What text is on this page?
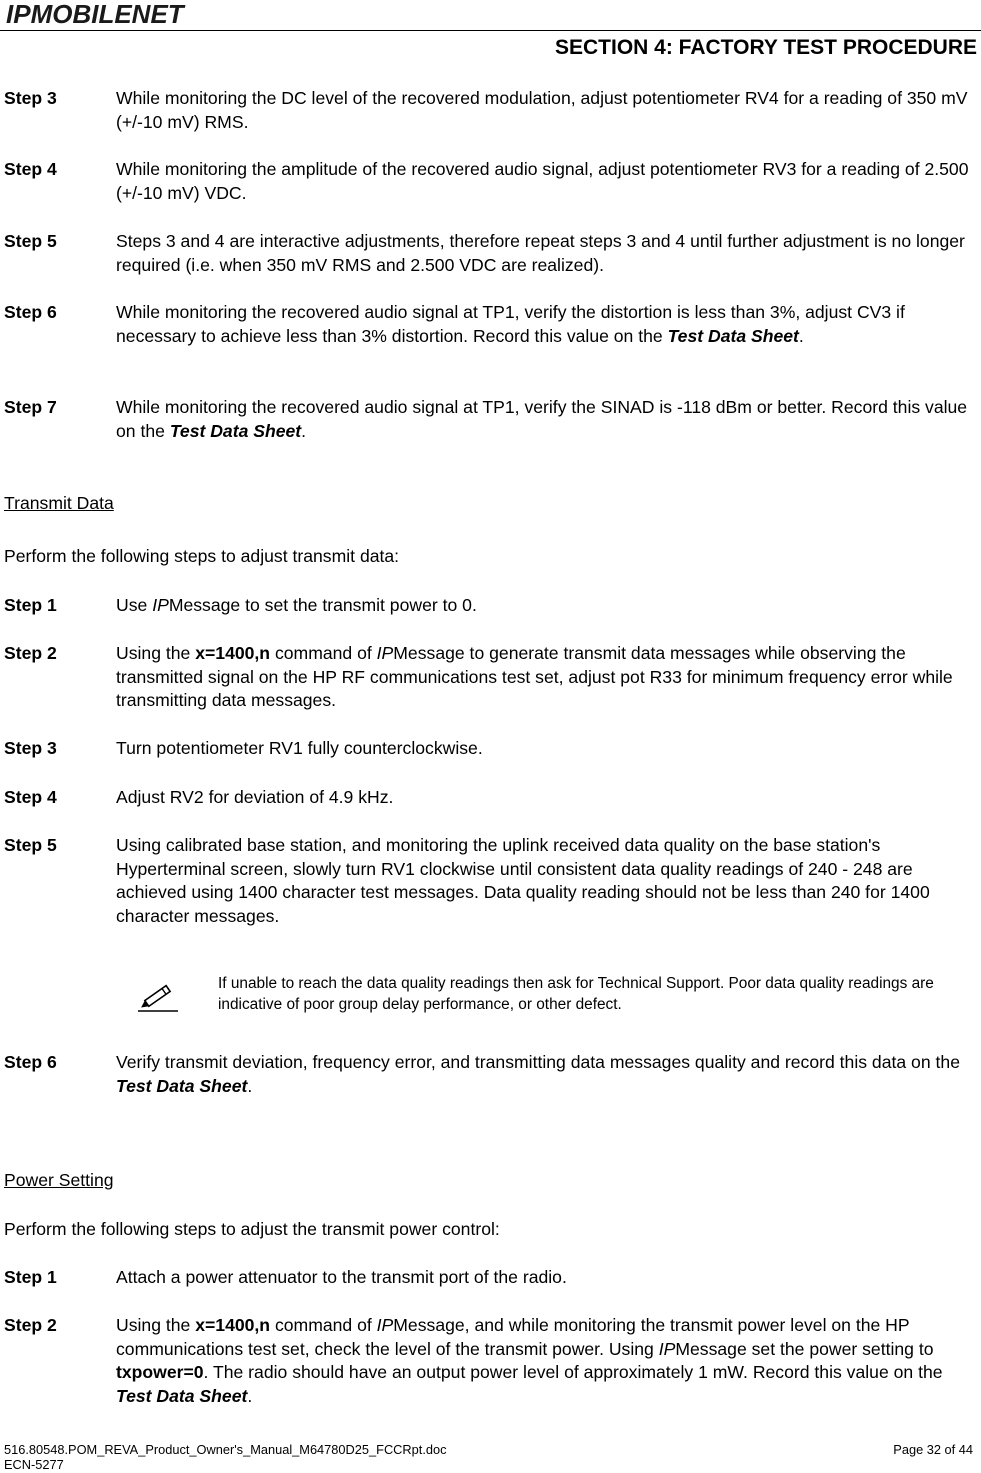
IPMOBILENET
SECTION 4: FACTORY TEST PROCEDURE
Step 3	While monitoring the DC level of the recovered modulation, adjust potentiometer RV4 for a reading of 350 mV (+/-10 mV) RMS.
Step 4	While monitoring the amplitude of the recovered audio signal, adjust potentiometer RV3 for a reading of 2.500 (+/-10 mV) VDC.
Step 5	Steps 3 and 4 are interactive adjustments, therefore repeat steps 3 and 4 until further adjustment is no longer required (i.e. when 350 mV RMS and 2.500 VDC are realized).
Step 6	While monitoring the recovered audio signal at TP1, verify the distortion is less than 3%, adjust CV3 if necessary to achieve less than 3% distortion. Record this value on the Test Data Sheet.
Step 7	While monitoring the recovered audio signal at TP1, verify the SINAD is -118 dBm or better. Record this value on the Test Data Sheet.
Transmit Data
Perform the following steps to adjust transmit data:
Step 1	Use IPMessage to set the transmit power to 0.
Step 2	Using the x=1400,n command of IPMessage to generate transmit data messages while observing the transmitted signal on the HP RF communications test set, adjust pot R33 for minimum frequency error while transmitting data messages.
Step 3	Turn potentiometer RV1 fully counterclockwise.
Step 4	Adjust RV2 for deviation of 4.9 kHz.
Step 5	Using calibrated base station, and monitoring the uplink received data quality on the base station's Hyperterminal screen, slowly turn RV1 clockwise until consistent data quality readings of 240 - 248 are achieved using 1400 character test messages. Data quality reading should not be less than 240 for 1400 character messages.
If unable to reach the data quality readings then ask for Technical Support. Poor data quality readings are indicative of poor group delay performance, or other defect.
Step 6	Verify transmit deviation, frequency error, and transmitting data messages quality and record this data on the Test Data Sheet.
Power Setting
Perform the following steps to adjust the transmit power control:
Step 1	Attach a power attenuator to the transmit port of the radio.
Step 2	Using the x=1400,n command of IPMessage, and while monitoring the transmit power level on the HP communications test set, check the level of the transmit power. Using IPMessage set the power setting to txpower=0. The radio should have an output power level of approximately 1 mW. Record this value on the Test Data Sheet.
516.80548.POM_REVA_Product_Owner's_Manual_M64780D25_FCCRpt.doc
ECN-5277
Page 32 of 44
